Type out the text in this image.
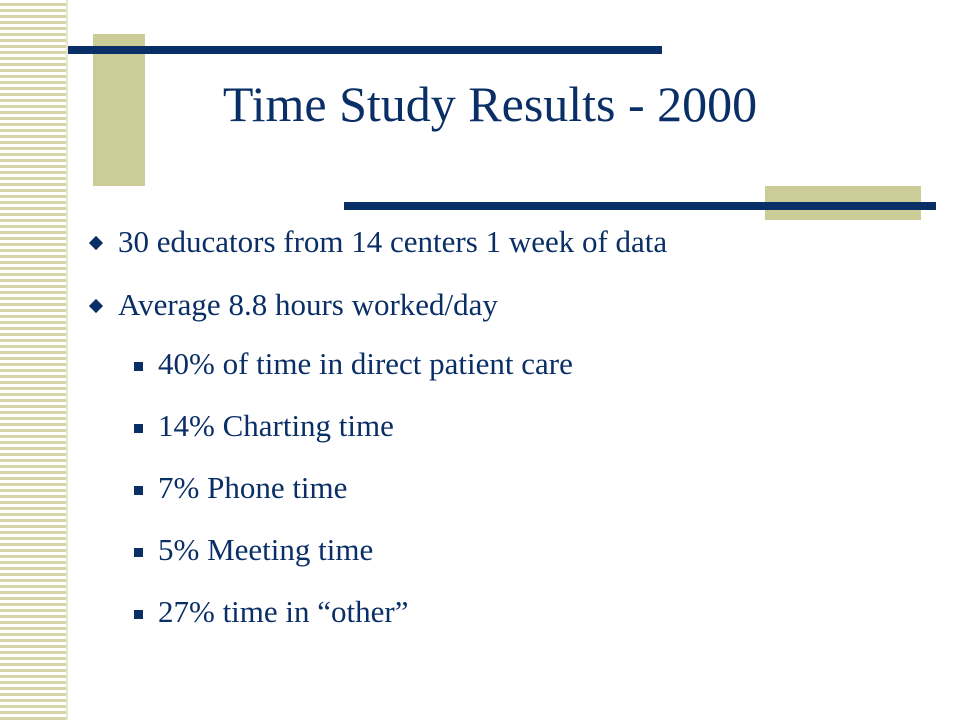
Time Study Results - 2000
30 educators from 14 centers 1 week of data
Average 8.8 hours worked/day
40% of time in direct patient care
14% Charting time
7% Phone time
5% Meeting time
27% time in “other”
